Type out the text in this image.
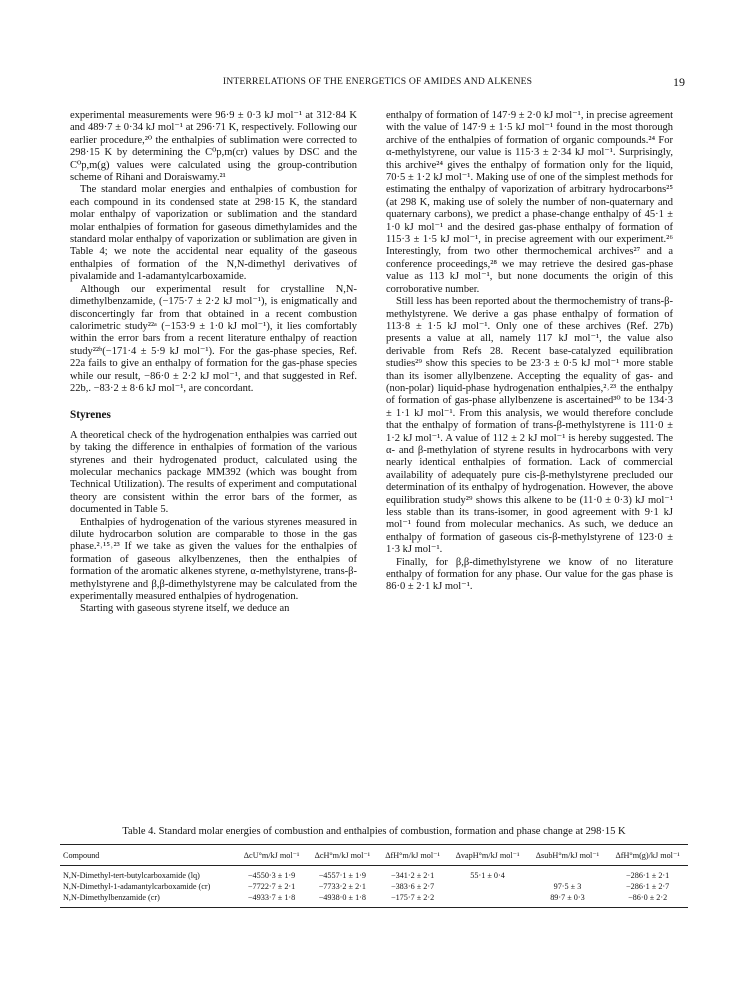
INTERRELATIONS OF THE ENERGETICS OF AMIDES AND ALKENES	19

experimental measurements were 96·9 ± 0·3 kJ mol⁻¹ at 312·84 K and 489·7 ± 0·34 kJ mol⁻¹ at 296·71 K, respectively. Following our earlier procedure,²⁰ the enthalpies of sublimation were corrected to 298·15 K by determining the C⁰p,m(cr) values by DSC and the C⁰p,m(g) values were calculated using the group-contribution scheme of Rihani and Doraiswamy.²¹

The standard molar energies and enthalpies of combustion for each compound in its condensed state at 298·15 K, the standard molar enthalpy of vaporization or sublimation and the standard molar enthalpies of formation for gaseous dimethylamides and the standard molar enthalpy of vaporization or sublimation are given in Table 4; we note the accidental near equality of the gaseous enthalpies of formation of the N,N-dimethyl derivatives of pivalamide and 1-adamantylcarboxamide.

Although our experimental result for crystalline N,N-dimethylbenzamide, (−175·7 ± 2·2 kJ mol⁻¹), is enigmatically and disconcertingly far from that obtained in a recent combustion calorimetric study²²ᵃ (−153·9 ± 1·0 kJ mol⁻¹), it lies comfortably within the error bars from a recent literature enthalpy of reaction study²²ᵇ(−171·4 ± 5·9 kJ mol⁻¹). For the gas-phase species, Ref. 22a fails to give an enthalpy of formation for the gas-phase species while our result, −86·0 ± 2·2 kJ mol⁻¹, and that suggested in Ref. 22b,. −83·2 ± 8·6 kJ mol⁻¹, are concordant.

Styrenes

A theoretical check of the hydrogenation enthalpies was carried out by taking the difference in enthalpies of formation of the various styrenes and their hydrogenated product, calculated using the molecular mechanics package MM392 (which was bought from Technical Utilization). The results of experiment and computational theory are consistent within the error bars of the former, as documented in Table 5.

Enthalpies of hydrogenation of the various styrenes measured in dilute hydrocarbon solution are comparable to those in the gas phase.²˒¹⁵˒²³ If we take as given the values for the enthalpies of formation of gaseous alkylbenzenes, then the enthalpies of formation of the aromatic alkenes styrene, α-methylstyrene, trans-β-methylstyrene and β,β-dimethylstyrene may be calculated from the experimentally measured enthalpies of hydrogenation.

Starting with gaseous styrene itself, we deduce an

enthalpy of formation of 147·9 ± 2·0 kJ mol⁻¹, in precise agreement with the value of 147·9 ± 1·5 kJ mol⁻¹ found in the most thorough archive of the enthalpies of formation of organic compounds.²⁴ For α-methylstyrene, our value is 115·3 ± 2·34 kJ mol⁻¹. Surprisingly, this archive²⁴ gives the enthalpy of formation only for the liquid, 70·5 ± 1·2 kJ mol⁻¹. Making use of one of the simplest methods for estimating the enthalpy of vaporization of arbitrary hydrocarbons²⁵ (at 298 K, making use of solely the number of non-quaternary and quaternary carbons), we predict a phase-change enthalpy of 45·1 ± 1·0 kJ mol⁻¹ and the desired gas-phase enthalpy of formation of 115·3 ± 1·5 kJ mol⁻¹, in precise agreement with our experiment.²⁶ Interestingly, from two other thermochemical archives²⁷ and a conference proceedings,²⁸ we may retrieve the desired gas-phase value as 113 kJ mol⁻¹, but none documents the origin of this corroborative number.

Still less has been reported about the thermochemistry of trans-β-methylstyrene. We derive a gas phase enthalpy of formation of 113·8 ± 1·5 kJ mol⁻¹. Only one of these archives (Ref. 27b) presents a value at all, namely 117 kJ mol⁻¹, the value also derivable from Refs 28. Recent base-catalyzed equilibration studies²⁹ show this species to be 23·3 ± 0·5 kJ mol⁻¹ more stable than its isomer allylbenzene. Accepting the equality of gas- and (non-polar) liquid-phase hydrogenation enthalpies,²˒²³ the enthalpy of formation of gas-phase allylbenzene is ascertained³⁰ to be 134·3 ± 1·1 kJ mol⁻¹. From this analysis, we would therefore conclude that the enthalpy of formation of trans-β-methylstyrene is 111·0 ± 1·2 kJ mol⁻¹. A value of 112 ± 2 kJ mol⁻¹ is hereby suggested. The α- and β-methylation of styrene results in hydrocarbons with very nearly identical enthalpies of formation. Lack of commercial availability of adequately pure cis-β-methylstyrene precluded our determination of its enthalpy of hydrogenation. However, the above equilibration study²⁹ shows this alkene to be (11·0 ± 0·3) kJ mol⁻¹ less stable than its trans-isomer, in good agreement with 9·1 kJ mol⁻¹ found from molecular mechanics. As such, we deduce an enthalpy of formation of gaseous cis-β-methylstyrene of 123·0 ± 1·3 kJ mol⁻¹.

Finally, for β,β-dimethylstyrene we know of no literature enthalpy of formation for any phase. Our value for the gas phase is 86·0 ± 2·1 kJ mol⁻¹.

Table 4. Standard molar energies of combustion and enthalpies of combustion, formation and phase change at 298·15 K
Compound	ΔcU°m/kJ mol⁻¹	ΔcH°m/kJ mol⁻¹	ΔfH°m/kJ mol⁻¹	ΔvapH°m/kJ mol⁻¹	ΔsubH°m/kJ mol⁻¹	ΔfH°m(g)/kJ mol⁻¹
N,N-Dimethyl-tert-butylcarboxamide (lq)	−4550·3 ± 1·9	−4557·1 ± 1·9	−341·2 ± 2·1	55·1 ± 0·4		−286·1 ± 2·1
N,N-Dimethyl-1-adamantylcarboxamide (cr)	−7722·7 ± 2·1	−7733·2 ± 2·1	−383·6 ± 2·7		97·5 ± 3	−286·1 ± 2·7
N,N-Dimethylbenzamide (cr)	−4933·7 ± 1·8	−4938·0 ± 1·8	−175·7 ± 2·2		89·7 ± 0·3	−86·0 ± 2·2
